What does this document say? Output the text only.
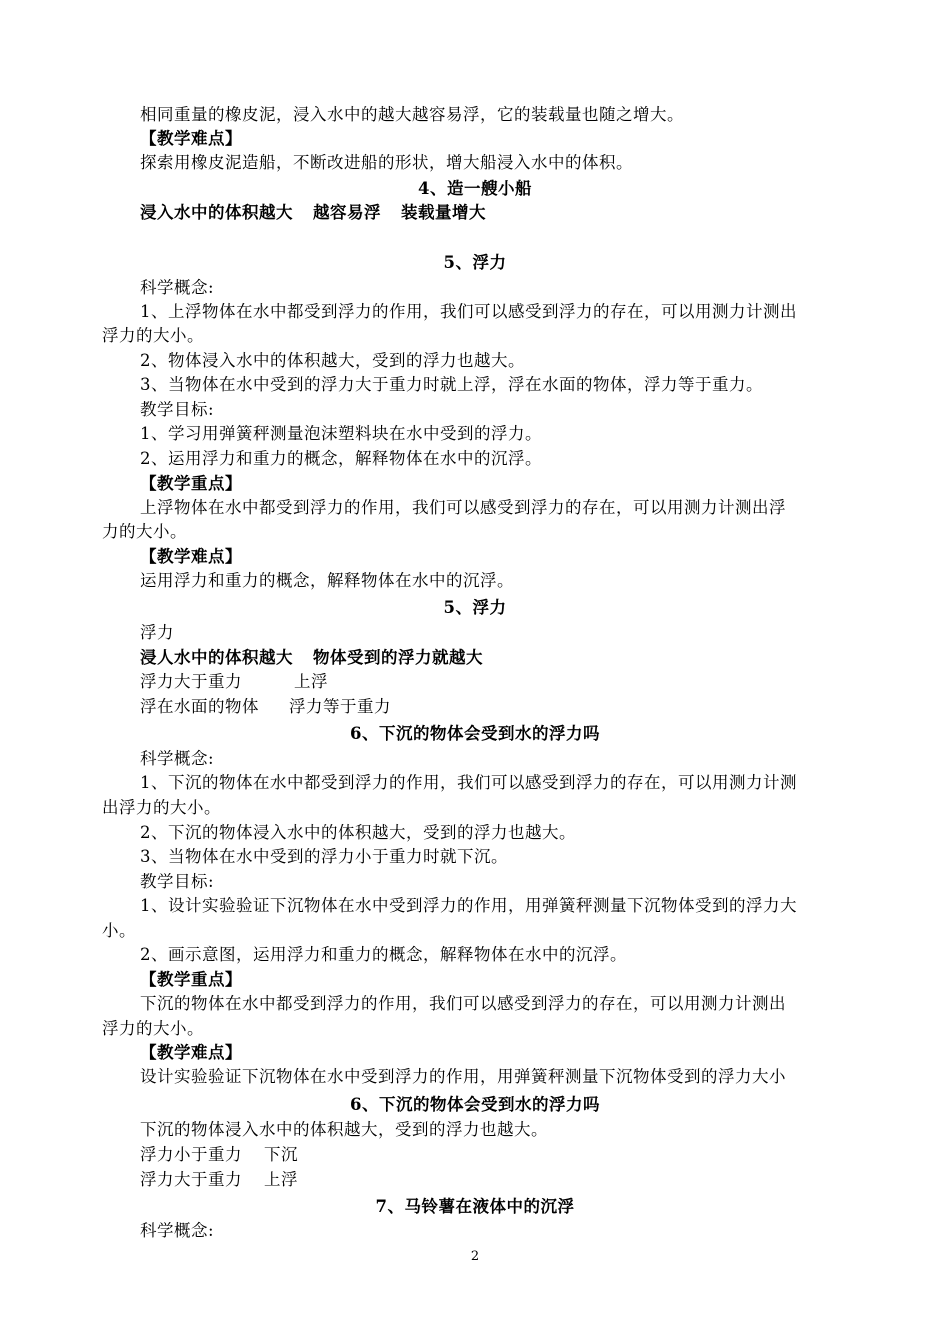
相同重量的橡皮泥，浸入水中的越大越容易浮，它的装载量也随之增大。
【教学难点】
探索用橡皮泥造船，不断改进船的形状，增大船浸入水中的体积。
4、造一艘小船
浸入水中的体积越大 越容易浮 装载量增大
5、浮力
科学概念:
1、上浮物体在水中都受到浮力的作用，我们可以感受到浮力的存在，可以用测力计测出
浮力的大小。
2、物体浸入水中的体积越大，受到的浮力也越大。
3、当物体在水中受到的浮力大于重力时就上浮，浮在水面的物体，浮力等于重力。
教学目标:
1、学习用弹簧秤测量泡沫塑料块在水中受到的浮力。
2、运用浮力和重力的概念，解释物体在水中的沉浮。
【教学重点】
上浮物体在水中都受到浮力的作用，我们可以感受到浮力的存在，可以用测力计测出浮
力的大小。
【教学难点】
运用浮力和重力的概念，解释物体在水中的沉浮。
5、浮力
浮力
浸人水中的体积越大 物体受到的浮力就越大
浮力大于重力	上浮
浮在水面的物体 浮力等于重力
6、下沉的物体会受到水的浮力吗
科学概念:
1、下沉的物体在水中都受到浮力的作用，我们可以感受到浮力的存在，可以用测力计测
出浮力的大小。
2、下沉的物体浸入水中的体积越大，受到的浮力也越大。
3、当物体在水中受到的浮力小于重力时就下沉。
教学目标:
1、设计实验验证下沉物体在水中受到浮力的作用，用弹簧秤测量下沉物体受到的浮力大
小。
2、画示意图，运用浮力和重力的概念，解释物体在水中的沉浮。
【教学重点】
下沉的物体在水中都受到浮力的作用，我们可以感受到浮力的存在，可以用测力计测出
浮力的大小。
【教学难点】
设计实验验证下沉物体在水中受到浮力的作用，用弹簧秤测量下沉物体受到的浮力大小
6、下沉的物体会受到水的浮力吗
下沉的物体浸入水中的体积越大，受到的浮力也越大。
浮力小于重力 下沉
浮力大于重力 上浮
7、马铃薯在液体中的沉浮
科学概念:
2
